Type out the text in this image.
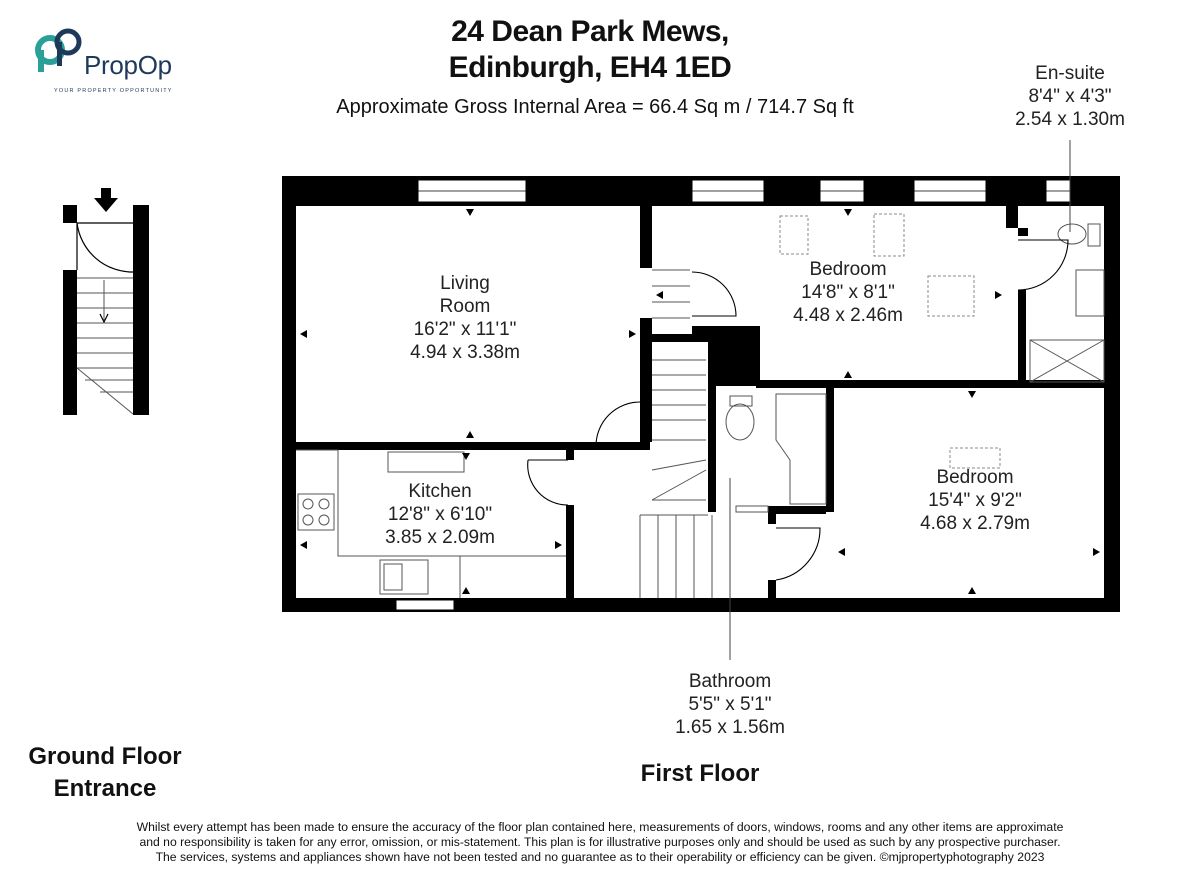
PropOp
YOUR PROPERTY OPPORTUNITY
24 Dean Park Mews,
Edinburgh, EH4 1ED
Approximate Gross Internal Area = 66.4 Sq m / 714.7 Sq ft
Living
Room
16'2" x 11'1"
4.94 x 3.38m
Bedroom
14'8" x 8'1"
4.48 x 2.46m
En-suite
8'4" x 4'3"
2.54 x 1.30m
Kitchen
12'8" x 6'10"
3.85 x 2.09m
Bedroom
15'4" x 9'2"
4.68 x 2.79m
Bathroom
5'5" x 5'1"
1.65 x 1.56m
Ground Floor
Entrance
First Floor
Whilst every attempt has been made to ensure the accuracy of the floor plan contained here, measurements of doors, windows, rooms and any other items are approximate
and no responsibility is taken for any error, omission, or mis-statement. This plan is for illustrative purposes only and should be used as such by any prospective purchaser.
The services, systems and appliances shown have not been tested and no guarantee as to their operability or efficiency can be given. ©mjpropertyphotography 2023
